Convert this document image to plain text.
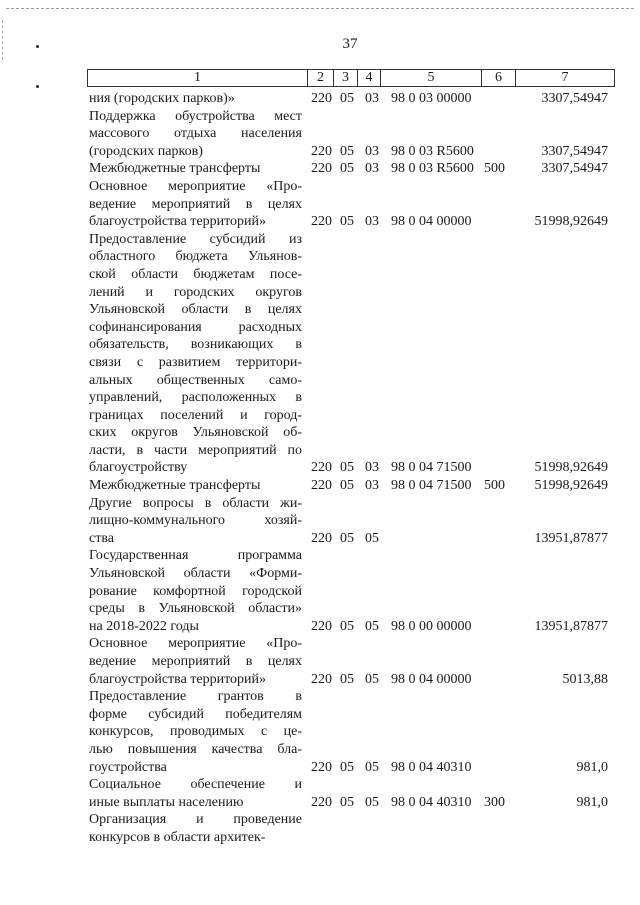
37
1	2	3	4	5	6	7
ния (городских парков)»	220 05 03 98 0 03 00000	3307,54947
Поддержка обустройства мест
массового отдыха населения
(городских парков)	220 05 03 98 0 03 R5600	3307,54947
Межбюджетные трансферты	220 05 03 98 0 03 R5600 500	3307,54947
Основное мероприятие «Про-
ведение мероприятий в целях
благоустройства территорий»	220 05 03 98 0 04 00000	51998,92649
Предоставление субсидий из
областного бюджета Ульянов-
ской области бюджетам посе-
лений и городских округов
Ульяновской области в целях
софинансирования расходных
обязательств, возникающих в
связи с развитием территори-
альных общественных само-
управлений, расположенных в
границах поселений и город-
ских округов Ульяновской об-
ласти, в части мероприятий по
благоустройству	220 05 03 98 0 04 71500	51998,92649
Межбюджетные трансферты	220 05 03 98 0 04 71500 500 51998,92649
Другие вопросы в области жи-
лищно-коммунального хозяй-
ства	220 05 05	13951,87877
Государственная программа
Ульяновской области «Форми-
рование комфортной городской
среды в Ульяновской области»
на 2018-2022 годы	220 05 05 98 0 00 00000	13951,87877
Основное мероприятие «Про-
ведение мероприятий в целях
благоустройства территорий»	220 05 05 98 0 04 00000	5013,88
Предоставление грантов в
форме субсидий победителям
конкурсов, проводимых с це-
лью повышения качества бла-
гоустройства	220 05 05 98 0 04 40310	981,0
Социальное обеспечение и
иные выплаты населению	220 05 05 98 0 04 40310 300	981,0
Организация и проведение
конкурсов в области архитек-
